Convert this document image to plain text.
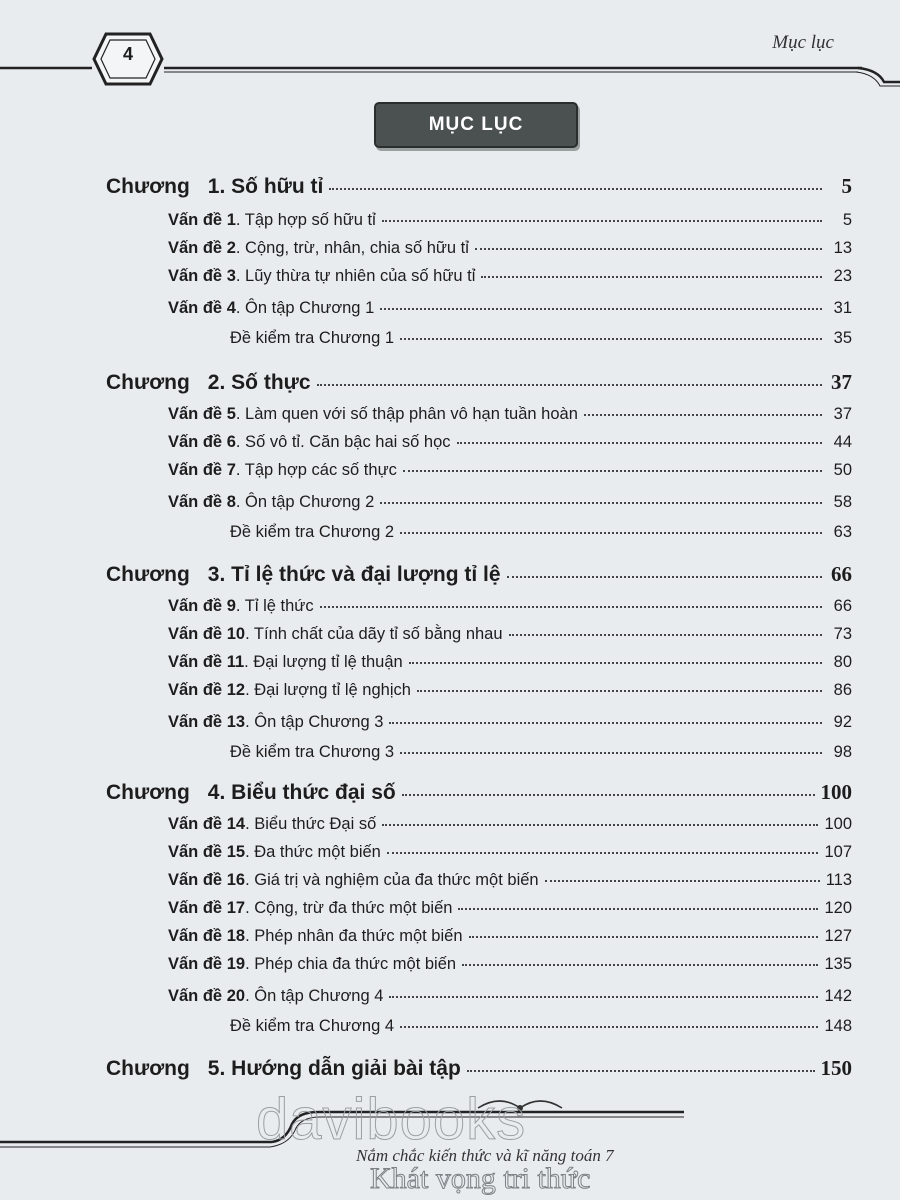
4
Mục lục
MỤC LỤC
Chương 1. Số hữu tỉ	5
Vấn đề 1. Tập hợp số hữu tỉ	5
Vấn đề 2. Cộng, trừ, nhân, chia số hữu tỉ	13
Vấn đề 3. Lũy thừa tự nhiên của số hữu tỉ	23
Vấn đề 4. Ôn tập Chương 1	31
Đề kiểm tra Chương 1	35
Chương 2. Số thực	37
Vấn đề 5. Làm quen với số thập phân vô hạn tuần hoàn	37
Vấn đề 6. Số vô tỉ. Căn bậc hai số học	44
Vấn đề 7. Tập hợp các số thực	50
Vấn đề 8. Ôn tập Chương 2	58
Đề kiểm tra Chương 2	63
Chương 3. Tỉ lệ thức và đại lượng tỉ lệ	66
Vấn đề 9. Tỉ lệ thức	66
Vấn đề 10. Tính chất của dãy tỉ số bằng nhau	73
Vấn đề 11. Đại lượng tỉ lệ thuận	80
Vấn đề 12. Đại lượng tỉ lệ nghịch	86
Vấn đề 13. Ôn tập Chương 3	92
Đề kiểm tra Chương 3	98
Chương 4. Biểu thức đại số	100
Vấn đề 14. Biểu thức Đại số	100
Vấn đề 15. Đa thức một biến	107
Vấn đề 16. Giá trị và nghiệm của đa thức một biến	113
Vấn đề 17. Cộng, trừ đa thức một biến	120
Vấn đề 18. Phép nhân đa thức một biến	127
Vấn đề 19. Phép chia đa thức một biến	135
Vấn đề 20. Ôn tập Chương 4	142
Đề kiểm tra Chương 4	148
Chương 5. Hướng dẫn giải bài tập	150
davibooks
Nắm chắc kiến thức và kĩ năng toán 7
Khát vọng tri thức
